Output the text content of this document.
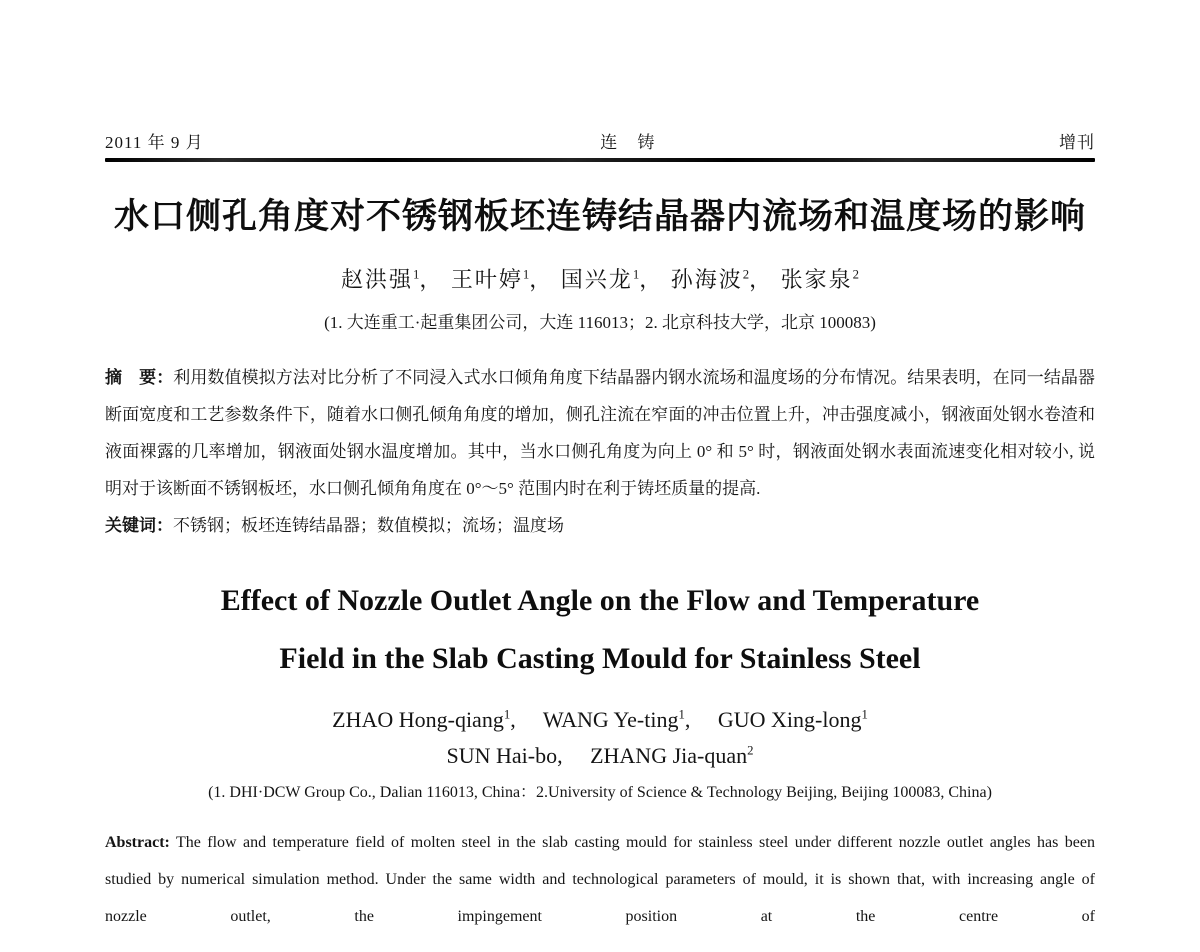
2011 年 9 月	连 铸	增刊
水口侧孔角度对不锈钢板坯连铸结晶器内流场和温度场的影响

赵洪强$^1$， 王叶婷$^1$， 国兴龙$^1$， 孙海波$^2$， 张家泉$^2$

(1. 大连重工·起重集团公司，大连 116013；2. 北京科技大学，北京 100083)

摘　要：利用数值模拟方法对比分析了不同浸入式水口倾角角度下结晶器内钢水流场和温度场的分布情况。结果表明，在同一结晶器断面宽度和工艺参数条件下，随着水口侧孔倾角角度的增加，侧孔注流在窄面的冲击位置上升，冲击强度减小，钢液面处钢水卷渣和液面裸露的几率增加，钢液面处钢水温度增加。其中，当水口侧孔角度为向上 0° 和 5° 时，钢液面处钢水表面流速变化相对较小, 说明对于该断面不锈钢板坯，水口侧孔倾角角度在 0°～5° 范围内时在利于铸坯质量的提高.

关键词：不锈钢；板坯连铸结晶器；数值模拟；流场；温度场

Effect of Nozzle Outlet Angle on the Flow and Temperature
Field in the Slab Casting Mould for Stainless Steel

ZHAO Hong-qiang$^1$,     WANG Ye-ting$^1$,     GUO Xing-long$^1$
SUN Hai-bo,     ZHANG Jia-quan$^2$

(1. DHI·DCW Group Co., Dalian 116013, China：2.University of Science & Technology Beijing, Beijing 100083, China)

Abstract: The flow and temperature field of molten steel in the slab casting mould for stainless steel under different nozzle outlet angles has been studied by numerical simulation method. Under the same width and technological parameters of mould, it is shown that, with increasing angle of nozzle outlet, the impingement position at the centre of
